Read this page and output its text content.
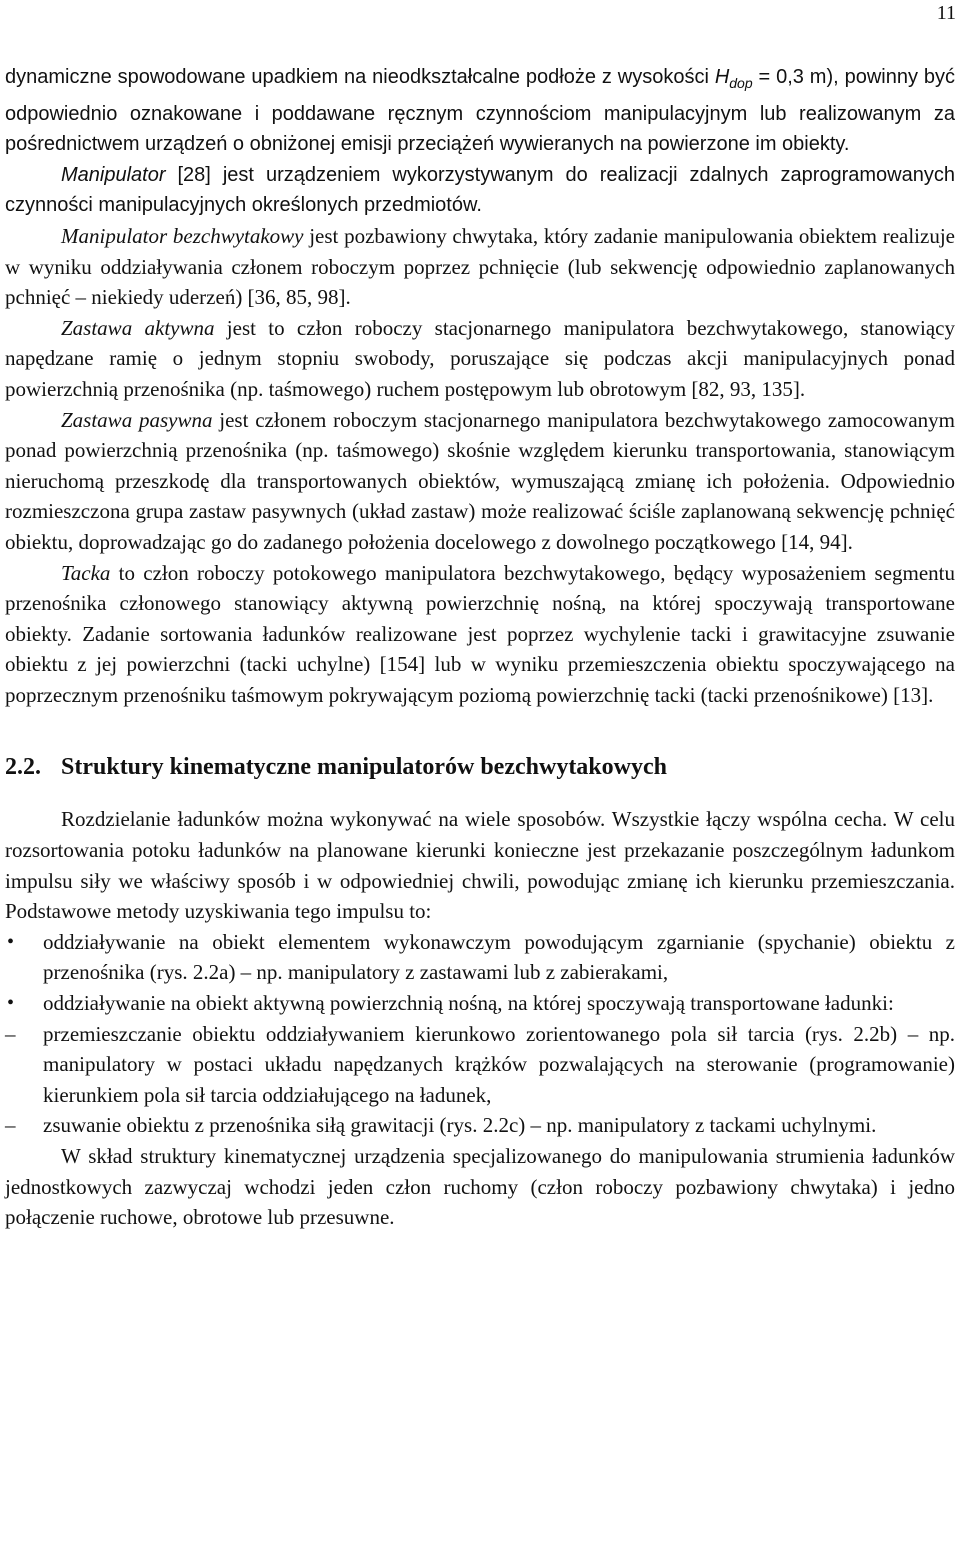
11

dynamiczne spowodowane upadkiem na nieodkształcalne podłoże z wysokości $H_{dop} = 0,3$ m), powinny być odpowiednio oznakowane i poddawane ręcznym czynnościom manipulacyjnym lub realizowanym za pośrednictwem urządzeń o obniżonej emisji przeciążeń wywieranych na powierzone im obiekty.

Manipulator [28] jest urządzeniem wykorzystywanym do realizacji zdalnych zaprogramowanych czynności manipulacyjnych określonych przedmiotów.

Manipulator bezchwytakowy jest pozbawiony chwytaka, który zadanie manipulowania obiektem realizuje w wyniku oddziaływania członem roboczym poprzez pchnięcie (lub sekwencję odpowiednio zaplanowanych pchnięć – niekiedy uderzeń) [36, 85, 98].

Zastawa aktywna jest to człon roboczy stacjonarnego manipulatora bezchwytakowego, stanowiący napędzane ramię o jednym stopniu swobody, poruszające się podczas akcji manipulacyjnych ponad powierzchnią przenośnika (np. taśmowego) ruchem postępowym lub obrotowym [82, 93, 135].

Zastawa pasywna jest członem roboczym stacjonarnego manipulatora bezchwytakowego zamocowanym ponad powierzchnią przenośnika (np. taśmowego) skośnie względem kierunku transportowania, stanowiącym nieruchomą przeszkodę dla transportowanych obiektów, wymuszającą zmianę ich położenia. Odpowiednio rozmieszczona grupa zastaw pasywnych (układ zastaw) może realizować ściśle zaplanowaną sekwencję pchnięć obiektu, doprowadzając go do zadanego położenia docelowego z dowolnego początkowego [14, 94].

Tacka to człon roboczy potokowego manipulatora bezchwytakowego, będący wyposażeniem segmentu przenośnika członowego stanowiący aktywną powierzchnię nośną, na której spoczywają transportowane obiekty. Zadanie sortowania ładunków realizowane jest poprzez wychylenie tacki i grawitacyjne zsuwanie obiektu z jej powierzchni (tacki uchylne) [154] lub w wyniku przemieszczenia obiektu spoczywającego na poprzecznym przenośniku taśmowym pokrywającym poziomą powierzchnię tacki (tacki przenośnikowe) [13].

2.2. Struktury kinematyczne manipulatorów bezchwytakowych

Rozdzielanie ładunków można wykonywać na wiele sposobów. Wszystkie łączy wspólna cecha. W celu rozsortowania potoku ładunków na planowane kierunki konieczne jest przekazanie poszczególnym ładunkom impulsu siły we właściwy sposób i w odpowiedniej chwili, powodując zmianę ich kierunku przemieszczania. Podstawowe metody uzyskiwania tego impulsu to:

• oddziaływanie na obiekt elementem wykonawczym powodującym zgarnianie (spychanie) obiektu z przenośnika (rys. 2.2a) – np. manipulatory z zastawami lub z zabierakami,
• oddziaływanie na obiekt aktywną powierzchnią nośną, na której spoczywają transportowane ładunki:
– przemieszczanie obiektu oddziaływaniem kierunkowo zorientowanego pola sił tarcia (rys. 2.2b) – np. manipulatory w postaci układu napędzanych krążków pozwalających na sterowanie (programowanie) kierunkiem pola sił tarcia oddziałującego na ładunek,
– zsuwanie obiektu z przenośnika siłą grawitacji (rys. 2.2c) – np. manipulatory z tackami uchylnymi.

W skład struktury kinematycznej urządzenia specjalizowanego do manipulowania strumienia ładunków jednostkowych zazwyczaj wchodzi jeden człon ruchomy (człon roboczy pozbawiony chwytaka) i jedno połączenie ruchowe, obrotowe lub przesuwne.
